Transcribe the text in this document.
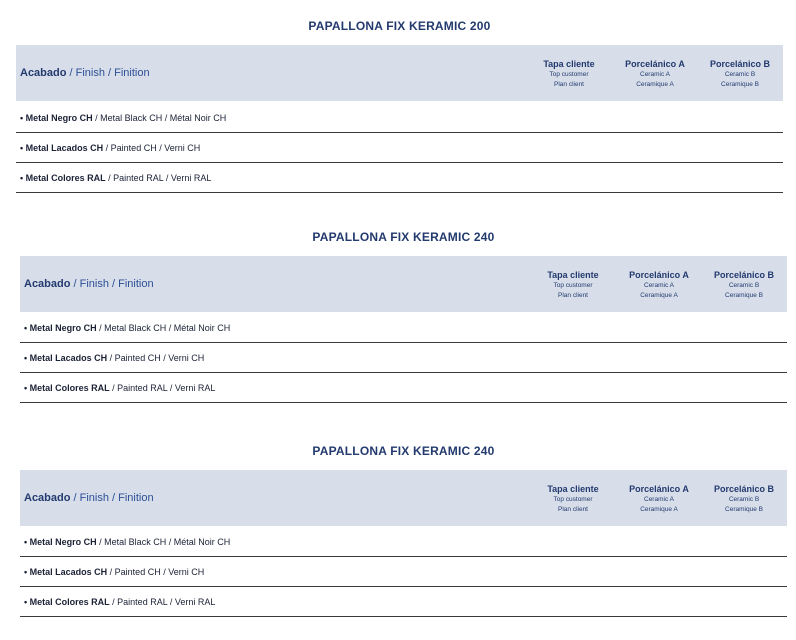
PAPALLONA FIX KERAMIC 200
Acabado / Finish / Finition
Tapa cliente
Top customer
Plan client
Porcelánico A
Ceramic A
Ceramique A
Porcelánico B
Ceramic B
Ceramique B
• Metal Negro CH / Metal Black CH / Métal Noir CH
• Metal Lacados CH / Painted CH / Verni CH
• Metal Colores RAL / Painted RAL / Verni RAL
PAPALLONA FIX KERAMIC 240
Acabado / Finish / Finition
Tapa cliente
Top customer
Plan client
Porcelánico A
Ceramic A
Ceramique A
Porcelánico B
Ceramic B
Ceramique B
• Metal Negro CH / Metal Black CH / Métal Noir CH
• Metal Lacados CH / Painted CH / Verni CH
• Metal Colores RAL / Painted RAL / Verni RAL
PAPALLONA FIX KERAMIC 240
Acabado / Finish / Finition
Tapa cliente
Top customer
Plan client
Porcelánico A
Ceramic A
Ceramique A
Porcelánico B
Ceramic B
Ceramique B
• Metal Negro CH / Metal Black CH / Métal Noir CH
• Metal Lacados CH / Painted CH / Verni CH
• Metal Colores RAL / Painted RAL / Verni RAL
